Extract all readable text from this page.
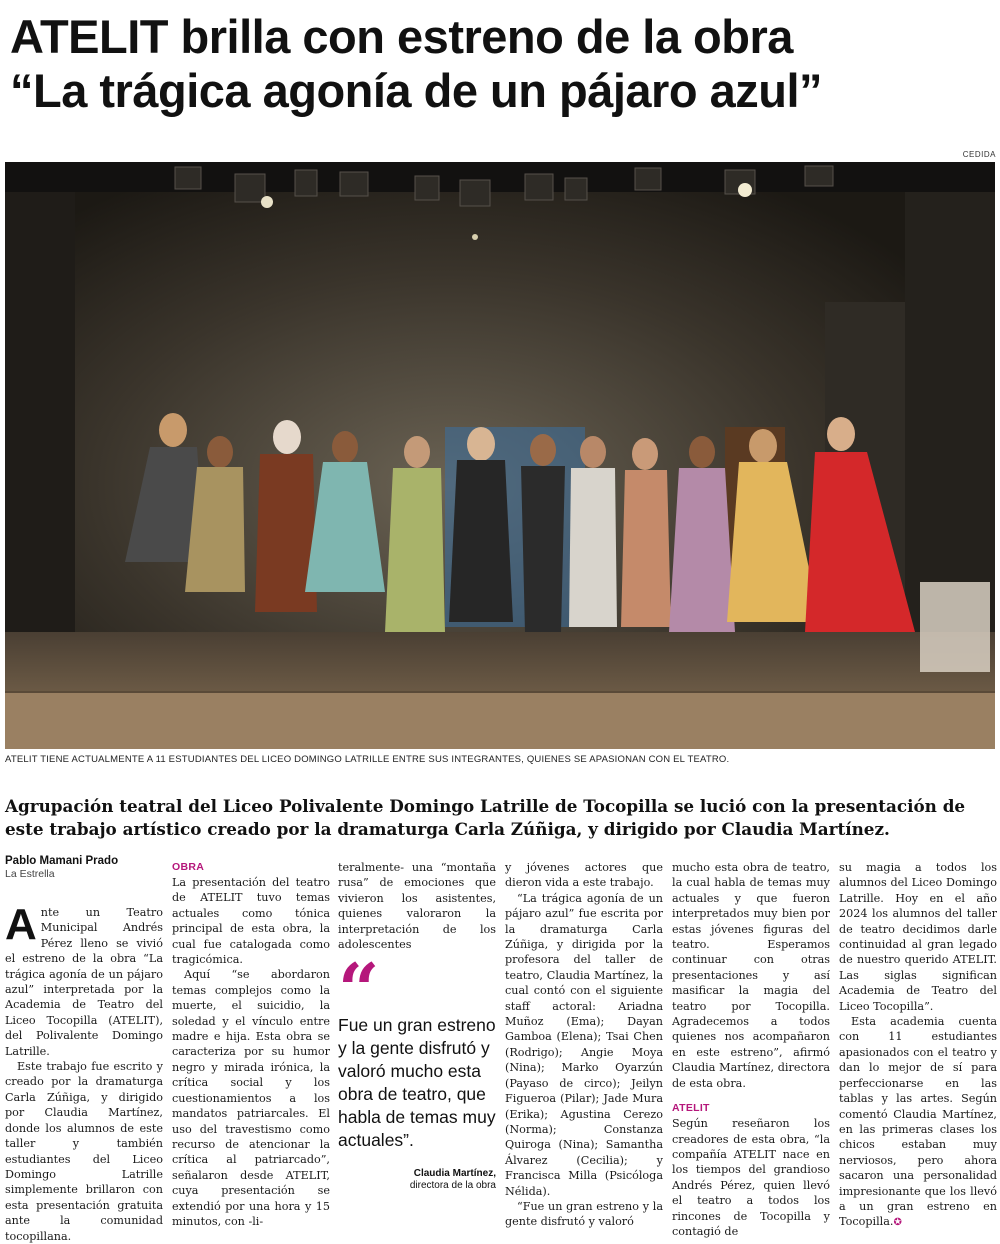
ATELIT brilla con estreno de la obra
“La trágica agonía de un pájaro azul”
CEDIDA
ATELIT TIENE ACTUALMENTE A 11 ESTUDIANTES DEL LICEO DOMINGO LATRILLE ENTRE SUS INTEGRANTES, QUIENES SE APASIONAN CON EL TEATRO.
Agrupación teatral del Liceo Polivalente Domingo Latrille de Tocopilla se lució con la presentación de este trabajo artístico creado por la dramaturga Carla Zúñiga, y dirigido por Claudia Martínez.
Pablo Mamani Prado
La Estrella

Ante un Teatro Municipal Andrés Pérez lleno se vivió el estreno de la obra “La trágica agonía de un pájaro azul” interpretada por la Academia de Teatro del Liceo Tocopilla (ATELIT), del Polivalente Domingo Latrille.

Este trabajo fue escrito y creado por la dramaturga Carla Zúñiga, y dirigido por Claudia Martínez, donde los alumnos de este taller y también estudiantes del Liceo Domingo Latrille simplemente brillaron con esta presentación gratuita ante la comunidad tocopillana.

OBRA

La presentación del teatro de ATELIT tuvo temas actuales como tónica principal de esta obra, la cual fue catalogada como tragicómica.

Aquí “se abordaron temas complejos como la muerte, el suicidio, la soledad y el vínculo entre madre e hija. Esta obra se caracteriza por su humor negro y mirada irónica, la crítica social y los cuestionamientos a los mandatos patriarcales. El uso del travestismo como recurso de atencionar la crítica al patriarcado”, señalaron desde ATELIT, cuya presentación se extendió por una hora y 15 minutos, con -li-

teralmente- una “montaña rusa” de emociones que vivieron los asistentes, quienes valoraron la interpretación de los adolescentes

“
Fue un gran estreno y la gente disfrutó y valoró mucho esta obra de teatro, que habla de temas muy actuales”.
Claudia Martínez,
directora de la obra

y jóvenes actores que dieron vida a este trabajo.

“La trágica agonía de un pájaro azul” fue escrita por la dramaturga Carla Zúñiga, y dirigida por la profesora del taller de teatro, Claudia Martínez, la cual contó con el siguiente staff actoral: Ariadna Muñoz (Ema); Dayan Gamboa (Elena); Tsai Chen (Rodrigo); Angie Moya (Nina); Marko Oyarzún (Payaso de circo); Jeilyn Figueroa (Pilar); Jade Mura (Erika); Agustina Cerezo (Norma); Constanza Quiroga (Nina); Samantha Álvarez (Cecilia); y Francisca Milla (Psicóloga Nélida).

“Fue un gran estreno y la gente disfrutó y valoró

mucho esta obra de teatro, la cual habla de temas muy actuales y que fueron interpretados muy bien por estas jóvenes figuras del teatro. Esperamos continuar con otras presentaciones y así masificar la magia del teatro por Tocopilla. Agradecemos a todos quienes nos acompañaron en este estreno”, afirmó Claudia Martínez, directora de esta obra.

ATELIT

Según reseñaron los creadores de esta obra, “la compañía ATELIT nace en los tiempos del grandioso Andrés Pérez, quien llevó el teatro a todos los rincones de Tocopilla y contagió de

su magia a todos los alumnos del Liceo Domingo Latrille. Hoy en el año 2024 los alumnos del taller de teatro decidimos darle continuidad al gran legado de nuestro querido ATELIT. Las siglas significan Academia de Teatro del Liceo Tocopilla”.

Esta academia cuenta con 11 estudiantes apasionados con el teatro y dan lo mejor de sí para perfeccionarse en las tablas y las artes. Según comentó Claudia Martínez, en las primeras clases los chicos estaban muy nerviosos, pero ahora sacaron una personalidad impresionante que los llevó a un gran estreno en Tocopilla.✪
